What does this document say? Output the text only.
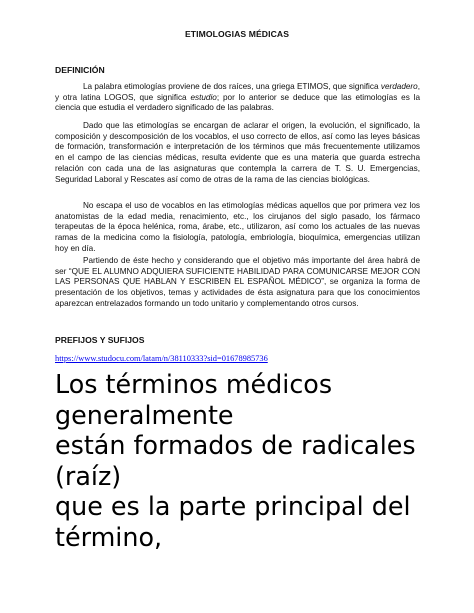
ETIMOLOGIAS MÉDICAS
DEFINICIÓN

La palabra etimologías proviene de dos raíces, una griega ETIMOS, que significa verdadero, y otra latina LOGOS, que significa estudio; por lo anterior se deduce que las etimologías es la ciencia que estudia el verdadero significado de las palabras.

Dado que las etimologías se encargan de aclarar el origen, la evolución, el significado, la composición y descomposición de los vocablos, el uso correcto de ellos, así como las leyes básicas de formación, transformación e interpretación de los términos que más frecuentemente utilizamos en el campo de las ciencias médicas, resulta evidente que es una materia que guarda estrecha relación con cada una de las asignaturas que contempla la carrera de T. S. U. Emergencias, Seguridad Laboral y Rescates así como de otras de la rama de las ciencias biológicas.

No escapa el uso de vocablos en las etimologías médicas aquellos que por primera vez los anatomistas de la edad media, renacimiento, etc., los cirujanos del siglo pasado, los fármaco terapeutas de la época helénica, roma, árabe, etc., utilizaron, así como los actuales de las nuevas ramas de la medicina como la fisiología, patología, embriología, bioquímica, emergencias utilizan hoy en día.

Partiendo de éste hecho y considerando que el objetivo más importante del área habrá de ser “QUE EL ALUMNO ADQUIERA SUFICIENTE HABILIDAD PARA COMUNICARSE MEJOR CON LAS PERSONAS QUE HABLAN Y ESCRIBEN EL ESPAÑOL MÉDICO”, se organiza la forma de presentación de los objetivos, temas y actividades de ésta asignatura para que los conocimientos aparezcan entrelazados formando un todo unitario y complementando otros cursos.

PREFIJOS Y SUFIJOS
https://www.studocu.com/latam/n/38110333?sid=01678985736
Los términos médicos
generalmente
están formados de radicales
(raíz)
que es la parte principal del
término,
